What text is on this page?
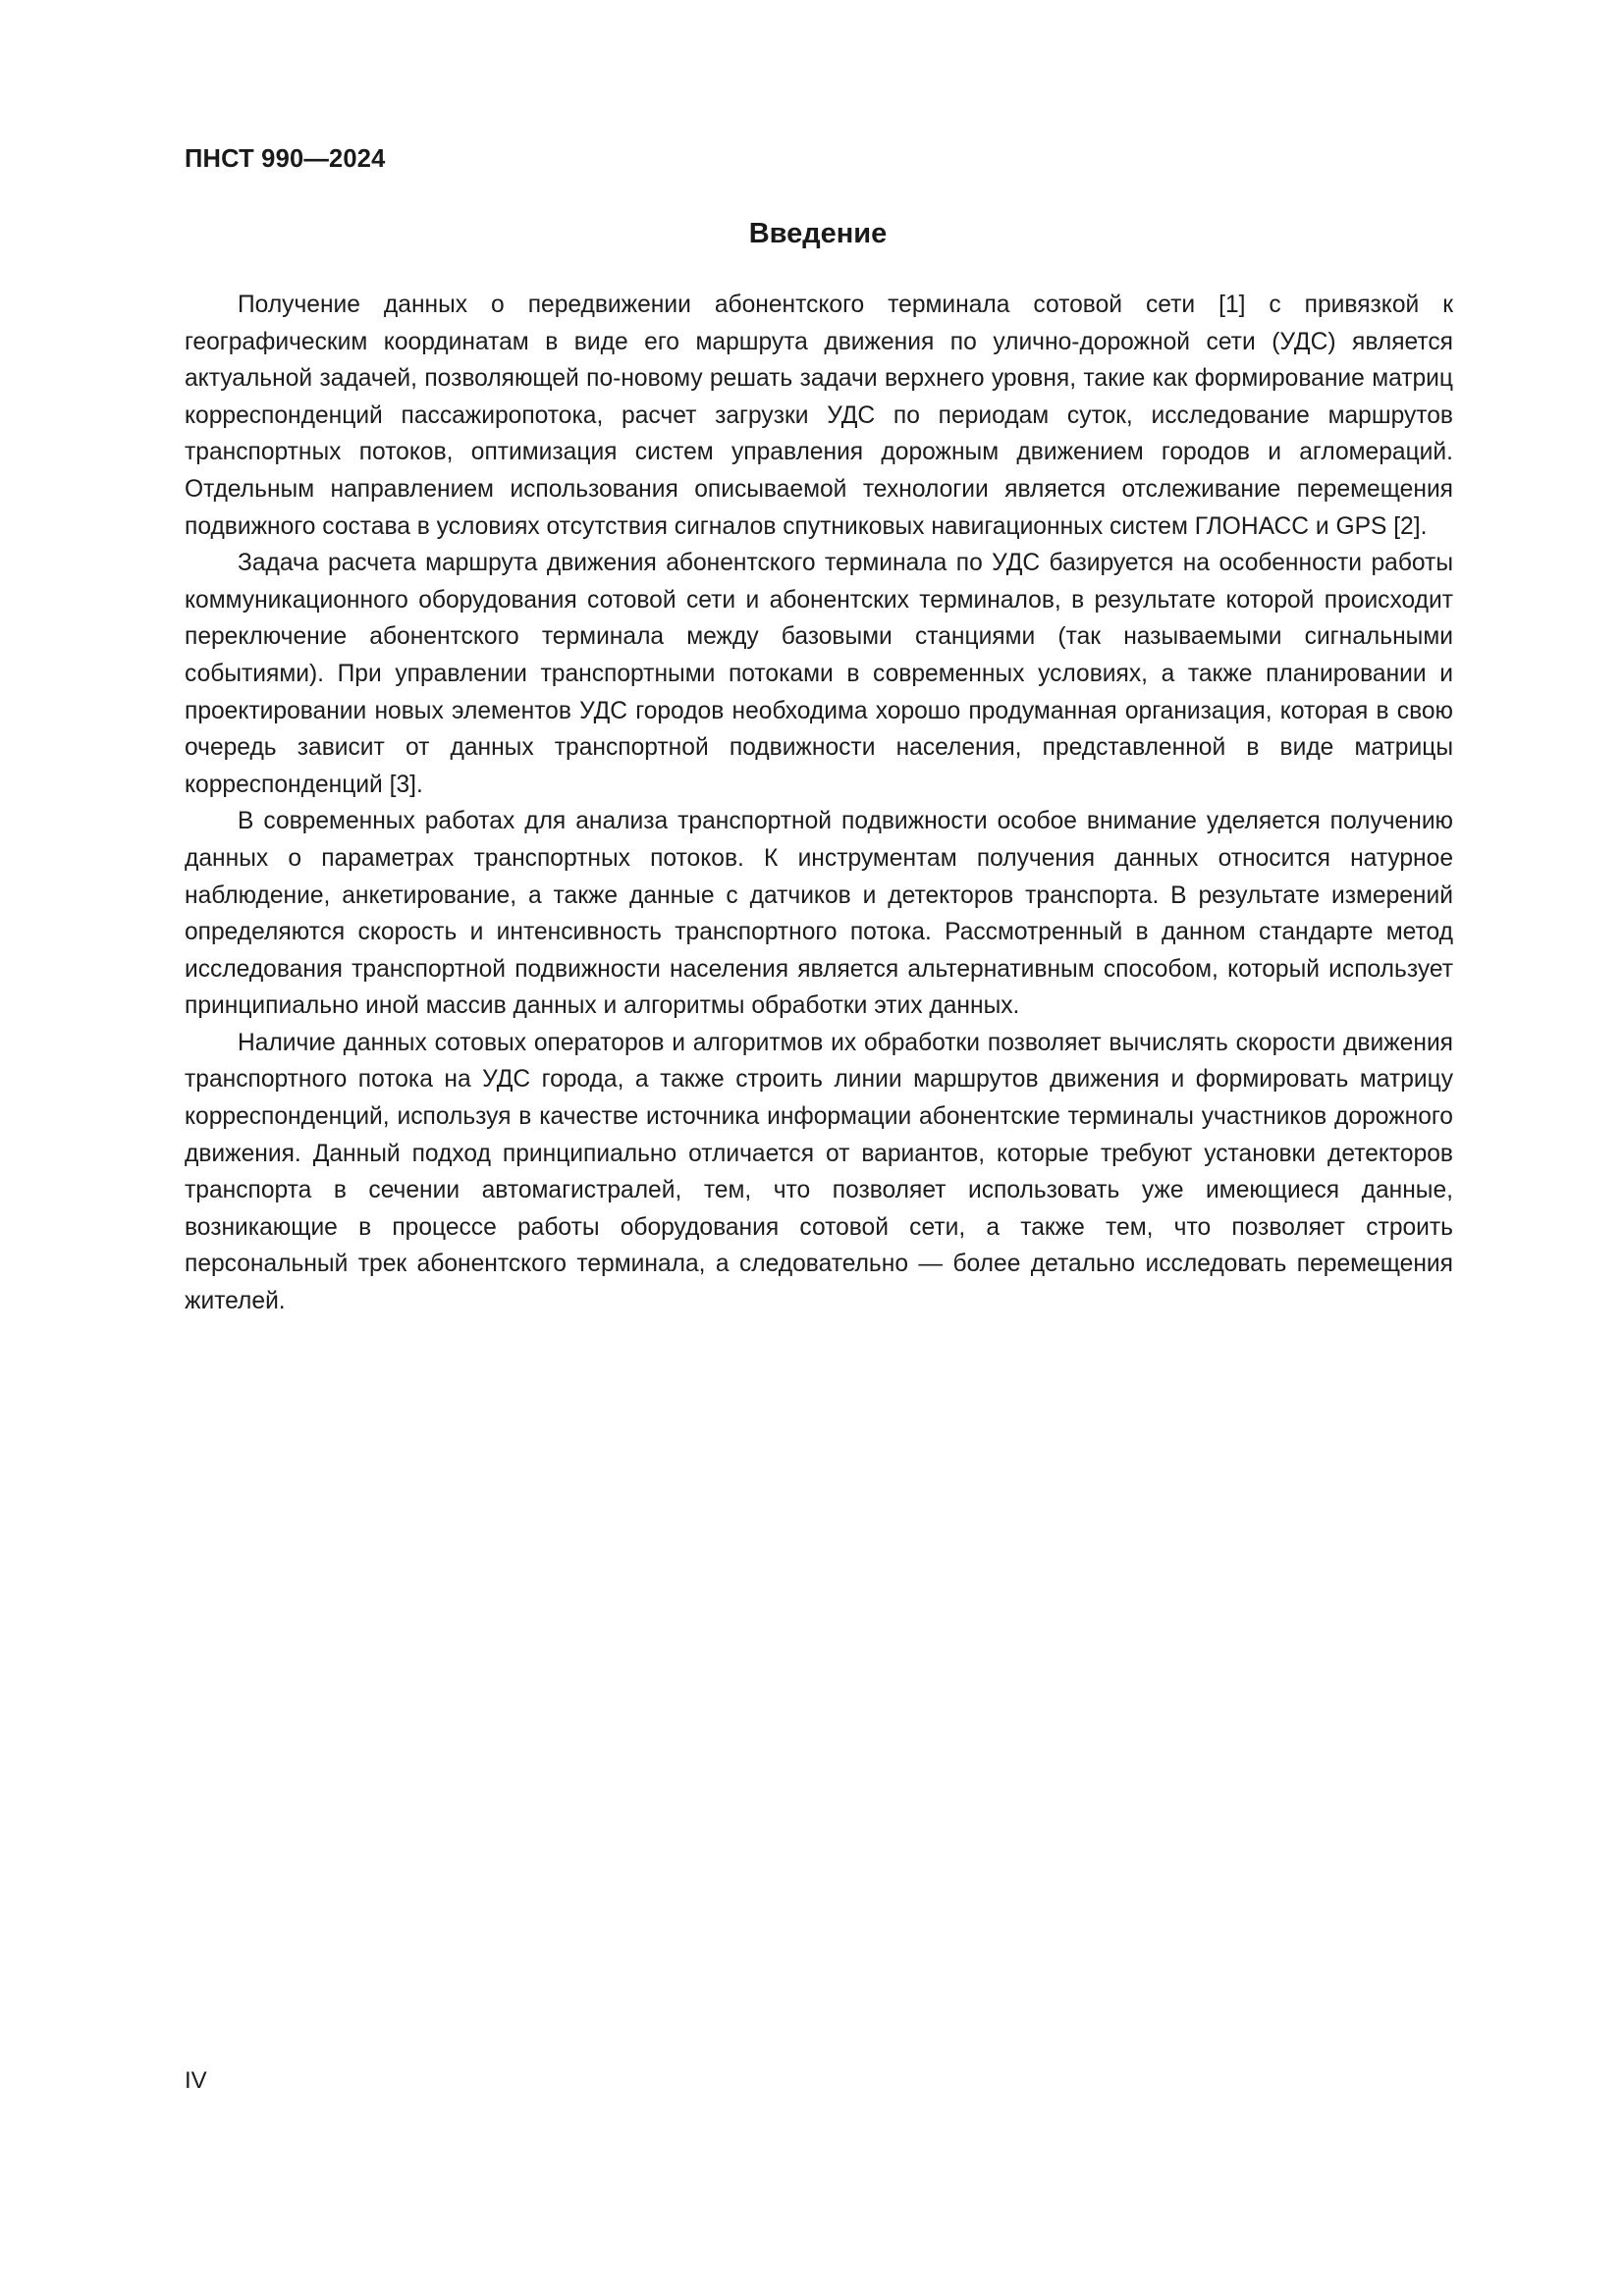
ПНСТ 990—2024
Введение

Получение данных о передвижении абонентского терминала сотовой сети [1] с привязкой к географическим координатам в виде его маршрута движения по улично-дорожной сети (УДС) является актуальной задачей, позволяющей по-новому решать задачи верхнего уровня, такие как формирование матриц корреспонденций пассажиропотока, расчет загрузки УДС по периодам суток, исследование маршрутов транспортных потоков, оптимизация систем управления дорожным движением городов и агломераций. Отдельным направлением использования описываемой технологии является отслеживание перемещения подвижного состава в условиях отсутствия сигналов спутниковых навигационных систем ГЛОНАСС и GPS [2].

Задача расчета маршрута движения абонентского терминала по УДС базируется на особенности работы коммуникационного оборудования сотовой сети и абонентских терминалов, в результате которой происходит переключение абонентского терминала между базовыми станциями (так называемыми сигнальными событиями). При управлении транспортными потоками в современных условиях, а также планировании и проектировании новых элементов УДС городов необходима хорошо продуманная организация, которая в свою очередь зависит от данных транспортной подвижности населения, представленной в виде матрицы корреспонденций [3].

В современных работах для анализа транспортной подвижности особое внимание уделяется получению данных о параметрах транспортных потоков. К инструментам получения данных относится натурное наблюдение, анкетирование, а также данные с датчиков и детекторов транспорта. В результате измерений определяются скорость и интенсивность транспортного потока. Рассмотренный в данном стандарте метод исследования транспортной подвижности населения является альтернативным способом, который использует принципиально иной массив данных и алгоритмы обработки этих данных.

Наличие данных сотовых операторов и алгоритмов их обработки позволяет вычислять скорости движения транспортного потока на УДС города, а также строить линии маршрутов движения и формировать матрицу корреспонденций, используя в качестве источника информации абонентские терминалы участников дорожного движения. Данный подход принципиально отличается от вариантов, которые требуют установки детекторов транспорта в сечении автомагистралей, тем, что позволяет использовать уже имеющиеся данные, возникающие в процессе работы оборудования сотовой сети, а также тем, что позволяет строить персональный трек абонентского терминала, а следовательно — более детально исследовать перемещения жителей.

IV
